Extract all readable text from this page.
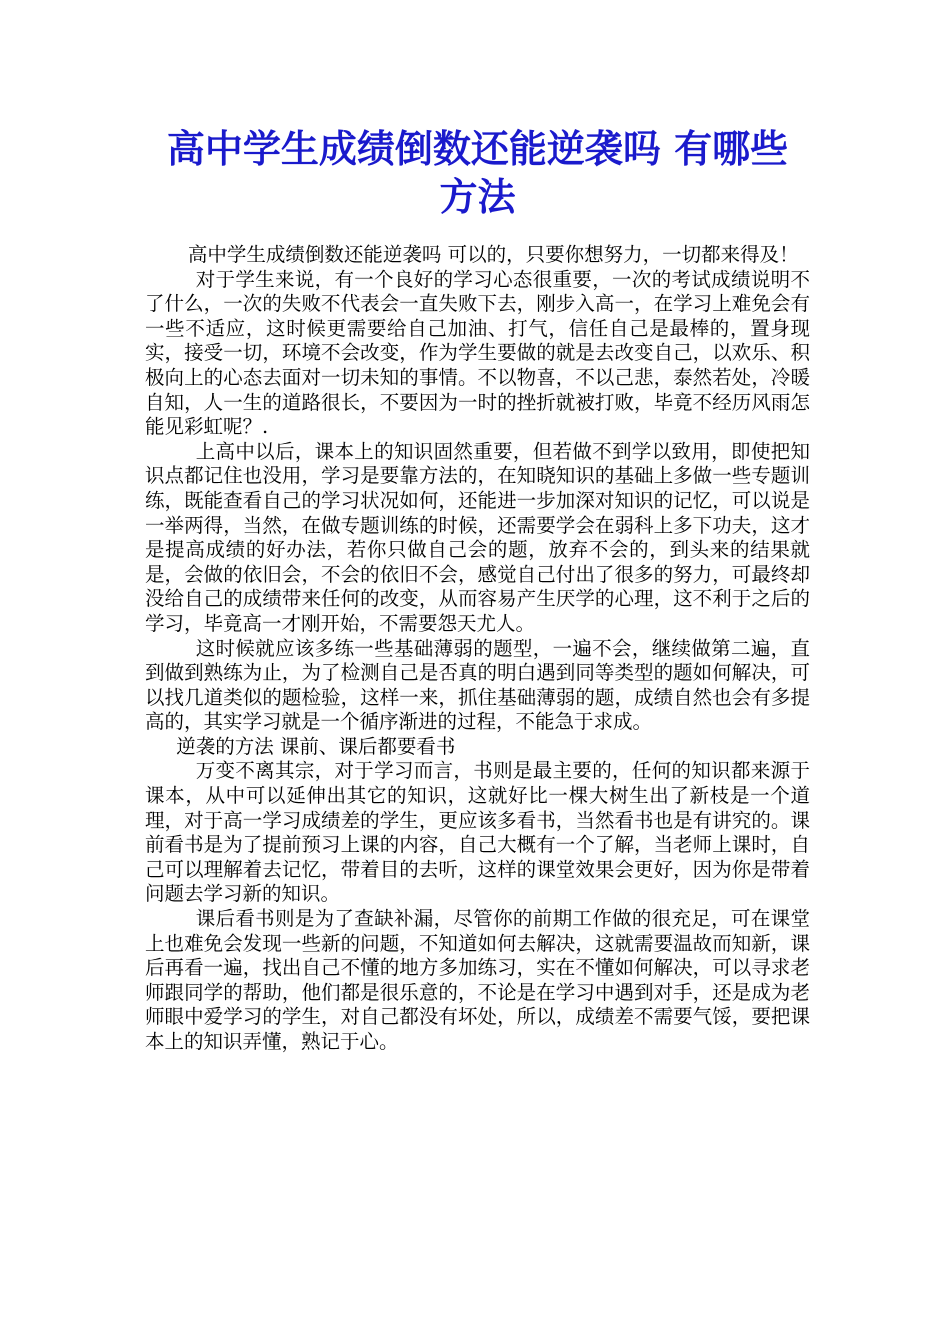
高中学生成绩倒数还能逆袭吗 有哪些方法

高中学生成绩倒数还能逆袭吗 可以的，只要你想努力，一切都来得及！

对于学生来说，有一个良好的学习心态很重要，一次的考试成绩说明不了什么，一次的失败不代表会一直失败下去，刚步入高一，在学习上难免会有一些不适应，这时候更需要给自己加油、打气，信任自己是最棒的，置身现实，接受一切，环境不会改变，作为学生要做的就是去改变自己，以欢乐、积极向上的心态去面对一切未知的事情。不以物喜，不以己悲，泰然若处，冷暖自知，人一生的道路很长，不要因为一时的挫折就被打败，毕竟不经历风雨怎能见彩虹呢？.

上高中以后，课本上的知识固然重要，但若做不到学以致用，即使把知识点都记住也没用，学习是要靠方法的，在知晓知识的基础上多做一些专题训练，既能查看自己的学习状况如何，还能进一步加深对知识的记忆，可以说是一举两得，当然，在做专题训练的时候，还需要学会在弱科上多下功夫，这才是提高成绩的好办法，若你只做自己会的题，放弃不会的，到头来的结果就是，会做的依旧会，不会的依旧不会，感觉自己付出了很多的努力，可最终却没给自己的成绩带来任何的改变，从而容易产生厌学的心理，这不利于之后的学习，毕竟高一才刚开始，不需要怨天尤人。

这时候就应该多练一些基础薄弱的题型，一遍不会，继续做第二遍，直到做到熟练为止，为了检测自己是否真的明白遇到同等类型的题如何解决，可以找几道类似的题检验，这样一来，抓住基础薄弱的题，成绩自然也会有多提高的，其实学习就是一个循序渐进的过程，不能急于求成。

逆袭的方法 课前、课后都要看书

万变不离其宗，对于学习而言，书则是最主要的，任何的知识都来源于课本，从中可以延伸出其它的知识，这就好比一棵大树生出了新枝是一个道理，对于高一学习成绩差的学生，更应该多看书，当然看书也是有讲究的。课前看书是为了提前预习上课的内容，自己大概有一个了解，当老师上课时，自己可以理解着去记忆，带着目的去听，这样的课堂效果会更好，因为你是带着问题去学习新的知识。

课后看书则是为了查缺补漏，尽管你的前期工作做的很充足，可在课堂上也难免会发现一些新的问题，不知道如何去解决，这就需要温故而知新，课后再看一遍，找出自己不懂的地方多加练习，实在不懂如何解决，可以寻求老师跟同学的帮助，他们都是很乐意的，不论是在学习中遇到对手，还是成为老师眼中爱学习的学生，对自己都没有坏处，所以，成绩差不需要气馁，要把课本上的知识弄懂，熟记于心。
